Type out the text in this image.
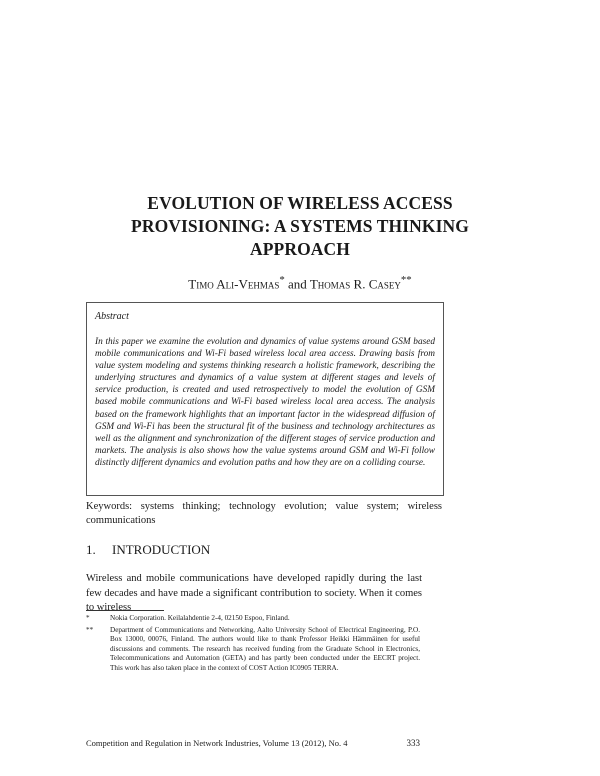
EVOLUTION OF WIRELESS ACCESS
PROVISIONING: A SYSTEMS THINKING
APPROACH
Timo Ali-Vehmas* and Thomas R. Casey**
Abstract
In this paper we examine the evolution and dynamics of value systems around GSM based mobile communications and Wi-Fi based wireless local area access. Drawing basis from value system modeling and systems thinking research a holistic framework, describing the underlying structures and dynamics of a value system at different stages and levels of service production, is created and used retrospectively to model the evolution of GSM based mobile communications and Wi-Fi based wireless local area access. The analysis based on the framework highlights that an important factor in the widespread diffusion of GSM and Wi-Fi has been the structural fit of the business and technology architectures as well as the alignment and synchronization of the different stages of service production and markets. The analysis is also shows how the value systems around GSM and Wi-Fi follow distinctly different dynamics and evolution paths and how they are on a colliding course.
Keywords: systems thinking; technology evolution; value system; wireless communications
1. INTRODUCTION
Wireless and mobile communications have developed rapidly during the last few decades and have made a significant contribution to society. When it comes to wireless
*	Nokia Corporation. Keilalahdentie 2-4, 02150 Espoo, Finland.
**	Department of Communications and Networking, Aalto University School of Electrical Engineering, P.O. Box 13000, 00076, Finland. The authors would like to thank Professor Heikki Hämmäinen for useful discussions and comments. The research has received funding from the Graduate School in Electronics, Telecommunications and Automation (GETA) and has partly been conducted under the EECRT project. This work has also taken place in the context of COST Action IC0905 TERRA.
Competition and Regulation in Network Industries, Volume 13 (2012), No. 4	333
